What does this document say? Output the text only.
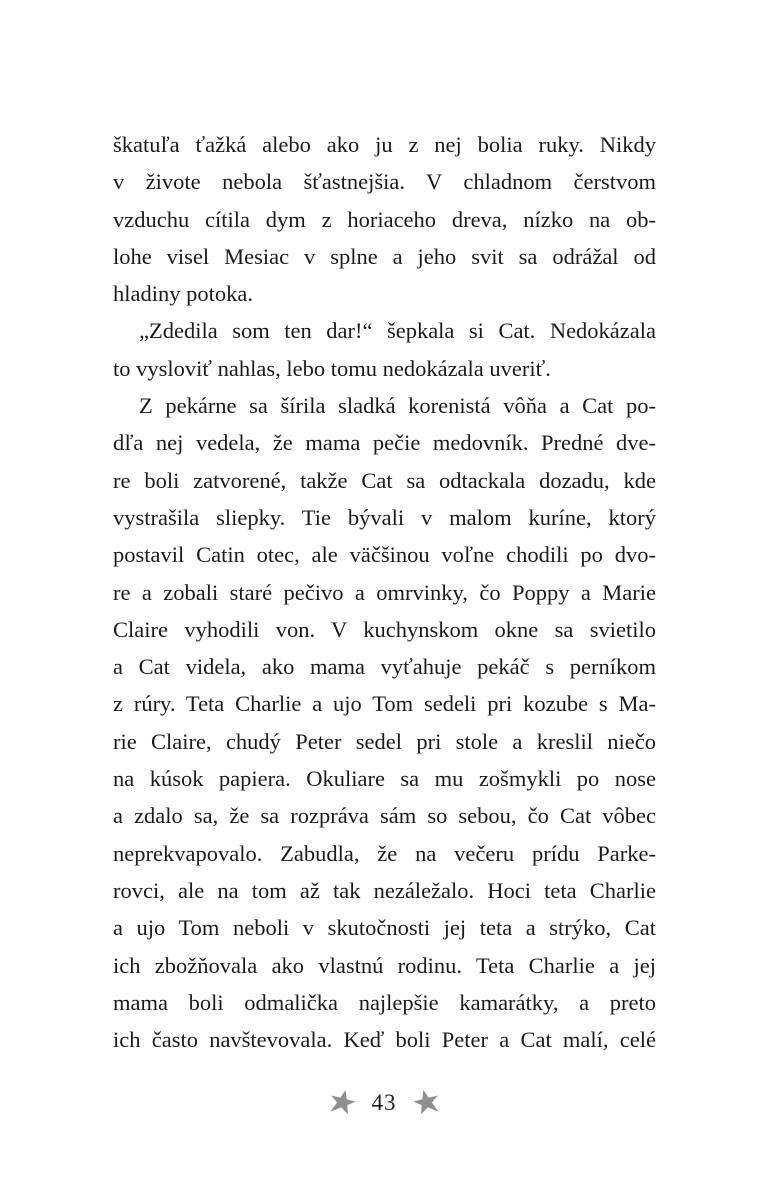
škatuľa ťažká alebo ako ju z nej bolia ruky. Nikdy
v živote nebola šťastnejšia. V chladnom čerstvom
vzduchu cítila dym z horiaceho dreva, nízko na ob-
lohe visel Mesiac v splne a jeho svit sa odrážal od
hladiny potoka.
„Zdedila som ten dar!“ šepkala si Cat. Nedokázala
to vysloviť nahlas, lebo tomu nedokázala uveriť.
Z pekárne sa šírila sladká korenistá vôňa a Cat po-
dľa nej vedela, že mama pečie medovník. Predné dve-
re boli zatvorené, takže Cat sa odtackala dozadu, kde
vystrašila sliepky. Tie bývali v malom kuríne, ktorý
postavil Catin otec, ale väčšinou voľne chodili po dvo-
re a zobali staré pečivo a omrvinky, čo Poppy a Marie
Claire vyhodili von. V kuchynskom okne sa svietilo
a Cat videla, ako mama vyťahuje pekáč s perníkom
z rúry. Teta Charlie a ujo Tom sedeli pri kozube s Ma-
rie Claire, chudý Peter sedel pri stole a kreslil niečo
na kúsok papiera. Okuliare sa mu zošmykli po nose
a zdalo sa, že sa rozpráva sám so sebou, čo Cat vôbec
neprekvapovalo. Zabudla, že na večeru prídu Parke-
rovci, ale na tom až tak nezáležalo. Hoci teta Charlie
a ujo Tom neboli v skutočnosti jej teta a strýko, Cat
ich zbožňovala ako vlastnú rodinu. Teta Charlie a jej
mama boli odmalička najlepšie kamarátky, a preto
ich často navštevovala. Keď boli Peter a Cat malí, celé
43
